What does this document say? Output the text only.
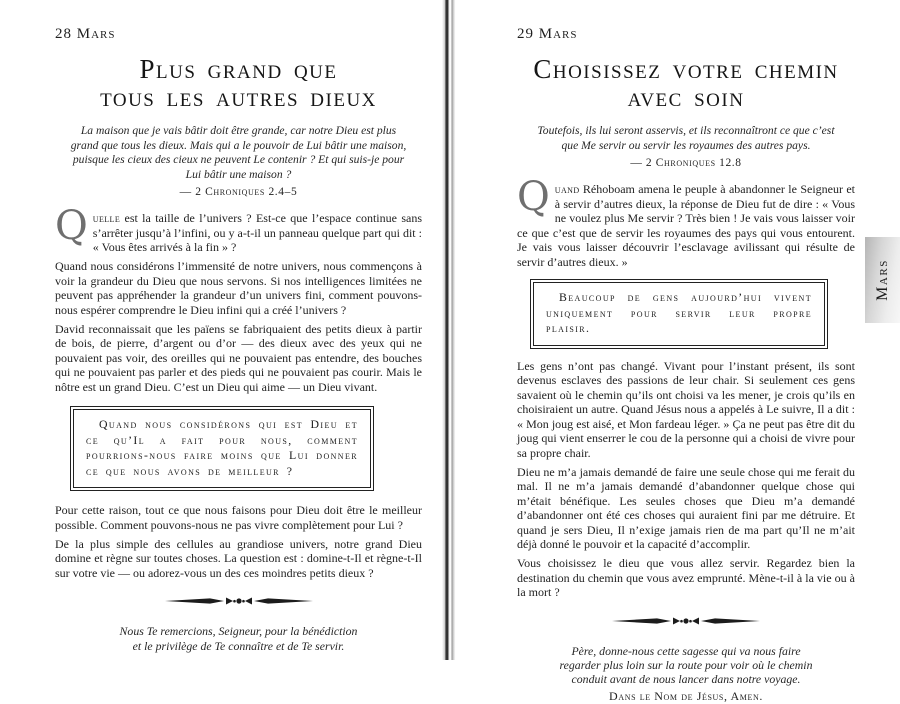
28 Mars
Plus grand que
tous les autres dieux
La maison que je vais bâtir doit être grande, car notre Dieu est plus grand que tous les dieux. Mais qui a le pouvoir de Lui bâtir une maison, puisque les cieux des cieux ne peuvent Le contenir ? Et qui suis-je pour Lui bâtir une maison ?
— 2 Chroniques 2.4–5

Quelle est la taille de l’univers ? Est-ce que l’espace continue sans s’arrêter jusqu’à l’infini, ou y a-t-il un panneau quelque part qui dit : « Vous êtes arrivés à la fin » ?

Quand nous considérons l’immensité de notre univers, nous commençons à voir la grandeur du Dieu que nous servons. Si nos intelligences limitées ne peuvent pas appréhender la grandeur d’un univers fini, comment pouvons-nous espérer comprendre le Dieu infini qui a créé l’univers ?

David reconnaissait que les païens se fabriquaient des petits dieux à partir de bois, de pierre, d’argent ou d’or — des dieux avec des yeux qui ne pouvaient pas voir, des oreilles qui ne pouvaient pas entendre, des bouches qui ne pouvaient pas parler et des pieds qui ne pouvaient pas courir. Mais le nôtre est un grand Dieu. C’est un Dieu qui aime — un Dieu vivant.

Quand nous considérons qui est Dieu et ce qu’Il a fait pour nous, comment pourrions-nous faire moins que Lui donner ce que nous avons de meilleur ?

Pour cette raison, tout ce que nous faisons pour Dieu doit être le meilleur possible. Comment pouvons-nous ne pas vivre complètement pour Lui ?

De la plus simple des cellules au grandiose univers, notre grand Dieu domine et règne sur toutes choses. La question est : domine-t-Il et règne-t-Il sur votre vie — ou adorez-vous un des ces moindres petits dieux ?

Nous Te remercions, Seigneur, pour la bénédiction
et le privilège de Te connaître et de Te servir.
29 Mars
Choisissez votre chemin
avec soin
Toutefois, ils lui seront asservis, et ils reconnaîtront ce que c’est que Me servir ou servir les royaumes des autres pays.
— 2 Chroniques 12.8

Quand Réhoboam amena le peuple à abandonner le Seigneur et à servir d’autres dieux, la réponse de Dieu fut de dire : « Vous ne voulez plus Me servir ? Très bien ! Je vais vous laisser voir ce que c’est que de servir les royaumes des pays qui vous entourent. Je vais vous laisser découvrir l’esclavage avilissant qui résulte de servir d’autres dieux. »

Beaucoup de gens aujourd’hui vivent uniquement pour servir leur propre plaisir.

Les gens n’ont pas changé. Vivant pour l’instant présent, ils sont devenus esclaves des passions de leur chair. Si seulement ces gens savaient où le chemin qu’ils ont choisi va les mener, je crois qu’ils en choisiraient un autre. Quand Jésus nous a appelés à Le suivre, Il a dit : « Mon joug est aisé, et Mon fardeau léger. » Ça ne peut pas être dit du joug qui vient enserrer le cou de la personne qui a choisi de vivre pour sa propre chair.

Dieu ne m’a jamais demandé de faire une seule chose qui me ferait du mal. Il ne m’a jamais demandé d’abandonner quelque chose qui m’était bénéfique. Les seules choses que Dieu m’a demandé d’abandonner ont été ces choses qui auraient fini par me détruire. Et quand je sers Dieu, Il n’exige jamais rien de ma part qu’Il ne m’ait déjà donné le pouvoir et la capacité d’accomplir.

Vous choisissez le dieu que vous allez servir. Regardez bien la destination du chemin que vous avez emprunté. Mène-t-il à la vie ou à la mort ?

Père, donne-nous cette sagesse qui va nous faire
regarder plus loin sur la route pour voir où le chemin
conduit avant de nous lancer dans notre voyage.
Dans le Nom de Jésus, Amen.
Mars
